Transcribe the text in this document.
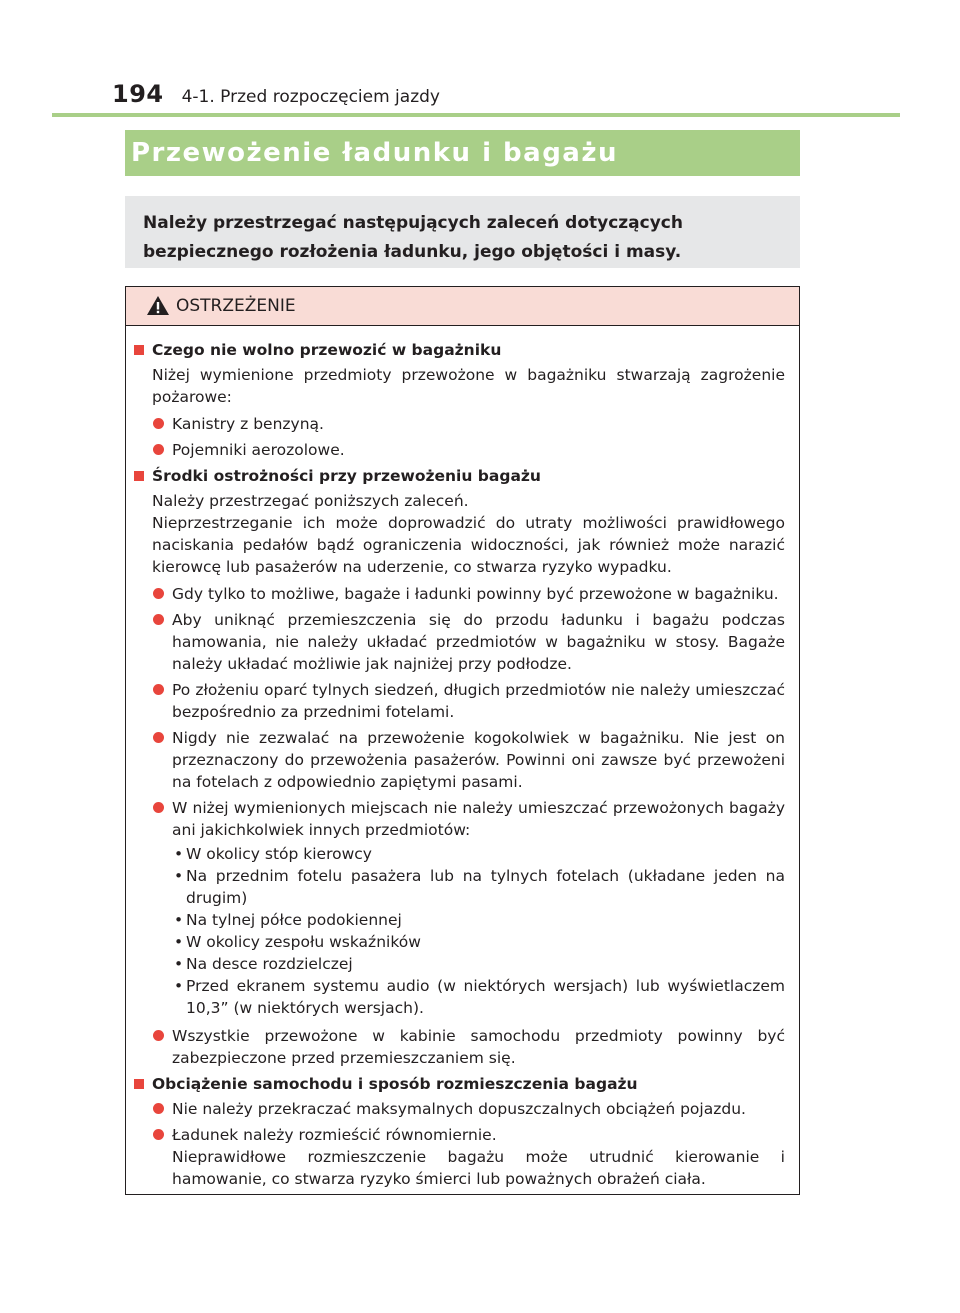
194 4-1. Przed rozpoczęciem jazdy
Przewożenie ładunku i bagażu
Należy przestrzegać następujących zaleceń dotyczących bezpiecznego rozłożenia ładunku, jego objętości i masy.
OSTRZEŻENIE
Czego nie wolno przewozić w bagażniku
Niżej wymienione przedmioty przewożone w bagażniku stwarzają zagrożenie pożarowe:
Kanistry z benzyną.
Pojemniki aerozolowe.
Środki ostrożności przy przewożeniu bagażu
Należy przestrzegać poniższych zaleceń.
Nieprzestrzeganie ich może doprowadzić do utraty możliwości prawidłowego naciskania pedałów bądź ograniczenia widoczności, jak również może narazić kierowcę lub pasażerów na uderzenie, co stwarza ryzyko wypadku.
Gdy tylko to możliwe, bagaże i ładunki powinny być przewożone w bagażniku.
Aby uniknąć przemieszczenia się do przodu ładunku i bagażu podczas hamowania, nie należy układać przedmiotów w bagażniku w stosy. Bagaże należy układać możliwie jak najniżej przy podłodze.
Po złożeniu oparć tylnych siedzeń, długich przedmiotów nie należy umieszczać bezpośrednio za przednimi fotelami.
Nigdy nie zezwalać na przewożenie kogokolwiek w bagażniku. Nie jest on przeznaczony do przewożenia pasażerów. Powinni oni zawsze być przewożeni na fotelach z odpowiednio zapiętymi pasami.
W niżej wymienionych miejscach nie należy umieszczać przewożonych bagaży ani jakichkolwiek innych przedmiotów:
• W okolicy stóp kierowcy
• Na przednim fotelu pasażera lub na tylnych fotelach (układane jeden na drugim)
• Na tylnej półce podokiennej
• W okolicy zespołu wskaźników
• Na desce rozdzielczej
• Przed ekranem systemu audio (w niektórych wersjach) lub wyświetlaczem 10,3” (w niektórych wersjach).
Wszystkie przewożone w kabinie samochodu przedmioty powinny być zabezpieczone przed przemieszczaniem się.
Obciążenie samochodu i sposób rozmieszczenia bagażu
Nie należy przekraczać maksymalnych dopuszczalnych obciążeń pojazdu.
Ładunek należy rozmieścić równomiernie.
Nieprawidłowe rozmieszczenie bagażu może utrudnić kierowanie i hamowanie, co stwarza ryzyko śmierci lub poważnych obrażeń ciała.
